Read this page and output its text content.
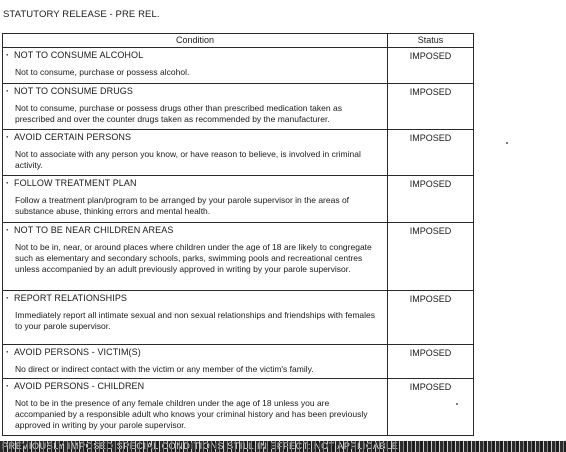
STATUTORY RELEASE - PRE REL.
Condition	Status

· NOT TO CONSUME ALCOHOL
Not to consume, purchase or possess alcohol.	IMPOSED

· NOT TO CONSUME DRUGS
Not to consume, purchase or possess drugs other than prescribed medication taken as prescribed and over the counter drugs taken as recommended by the manufacturer.	IMPOSED

· AVOID CERTAIN PERSONS
Not to associate with any person you know, or have reason to believe, is involved in criminal activity.	IMPOSED

· FOLLOW TREATMENT PLAN
Follow a treatment plan/program to be arranged by your parole supervisor in the areas of substance abuse, thinking errors and mental health.	IMPOSED

· NOT TO BE NEAR CHILDREN AREAS
Not to be in, near, or around places where children under the age of 18 are likely to congregate such as elementary and secondary schools, parks, swimming pools and recreational centres unless accompanied by an adult previously approved in writing by your parole supervisor.	IMPOSED

· REPORT RELATIONSHIPS
Immediately report all intimate sexual and non sexual relationships and friendships with females to your parole supervisor.	IMPOSED

· AVOID PERSONS - VICTIM(S)
No direct or indirect contact with the victim or any member of the victim's family.	IMPOSED

· AVOID PERSONS - CHILDREN
Not to be in the presence of any female children under the age of 18 unless you are accompanied by a responsible adult who knows your criminal history and has been previously approved in writing by your parole supervisor.	IMPOSED
PREVIOUSLY IMPOSED SPECIAL CONDITIONS STILL IN EFFECT: NOT APPLICABLE
